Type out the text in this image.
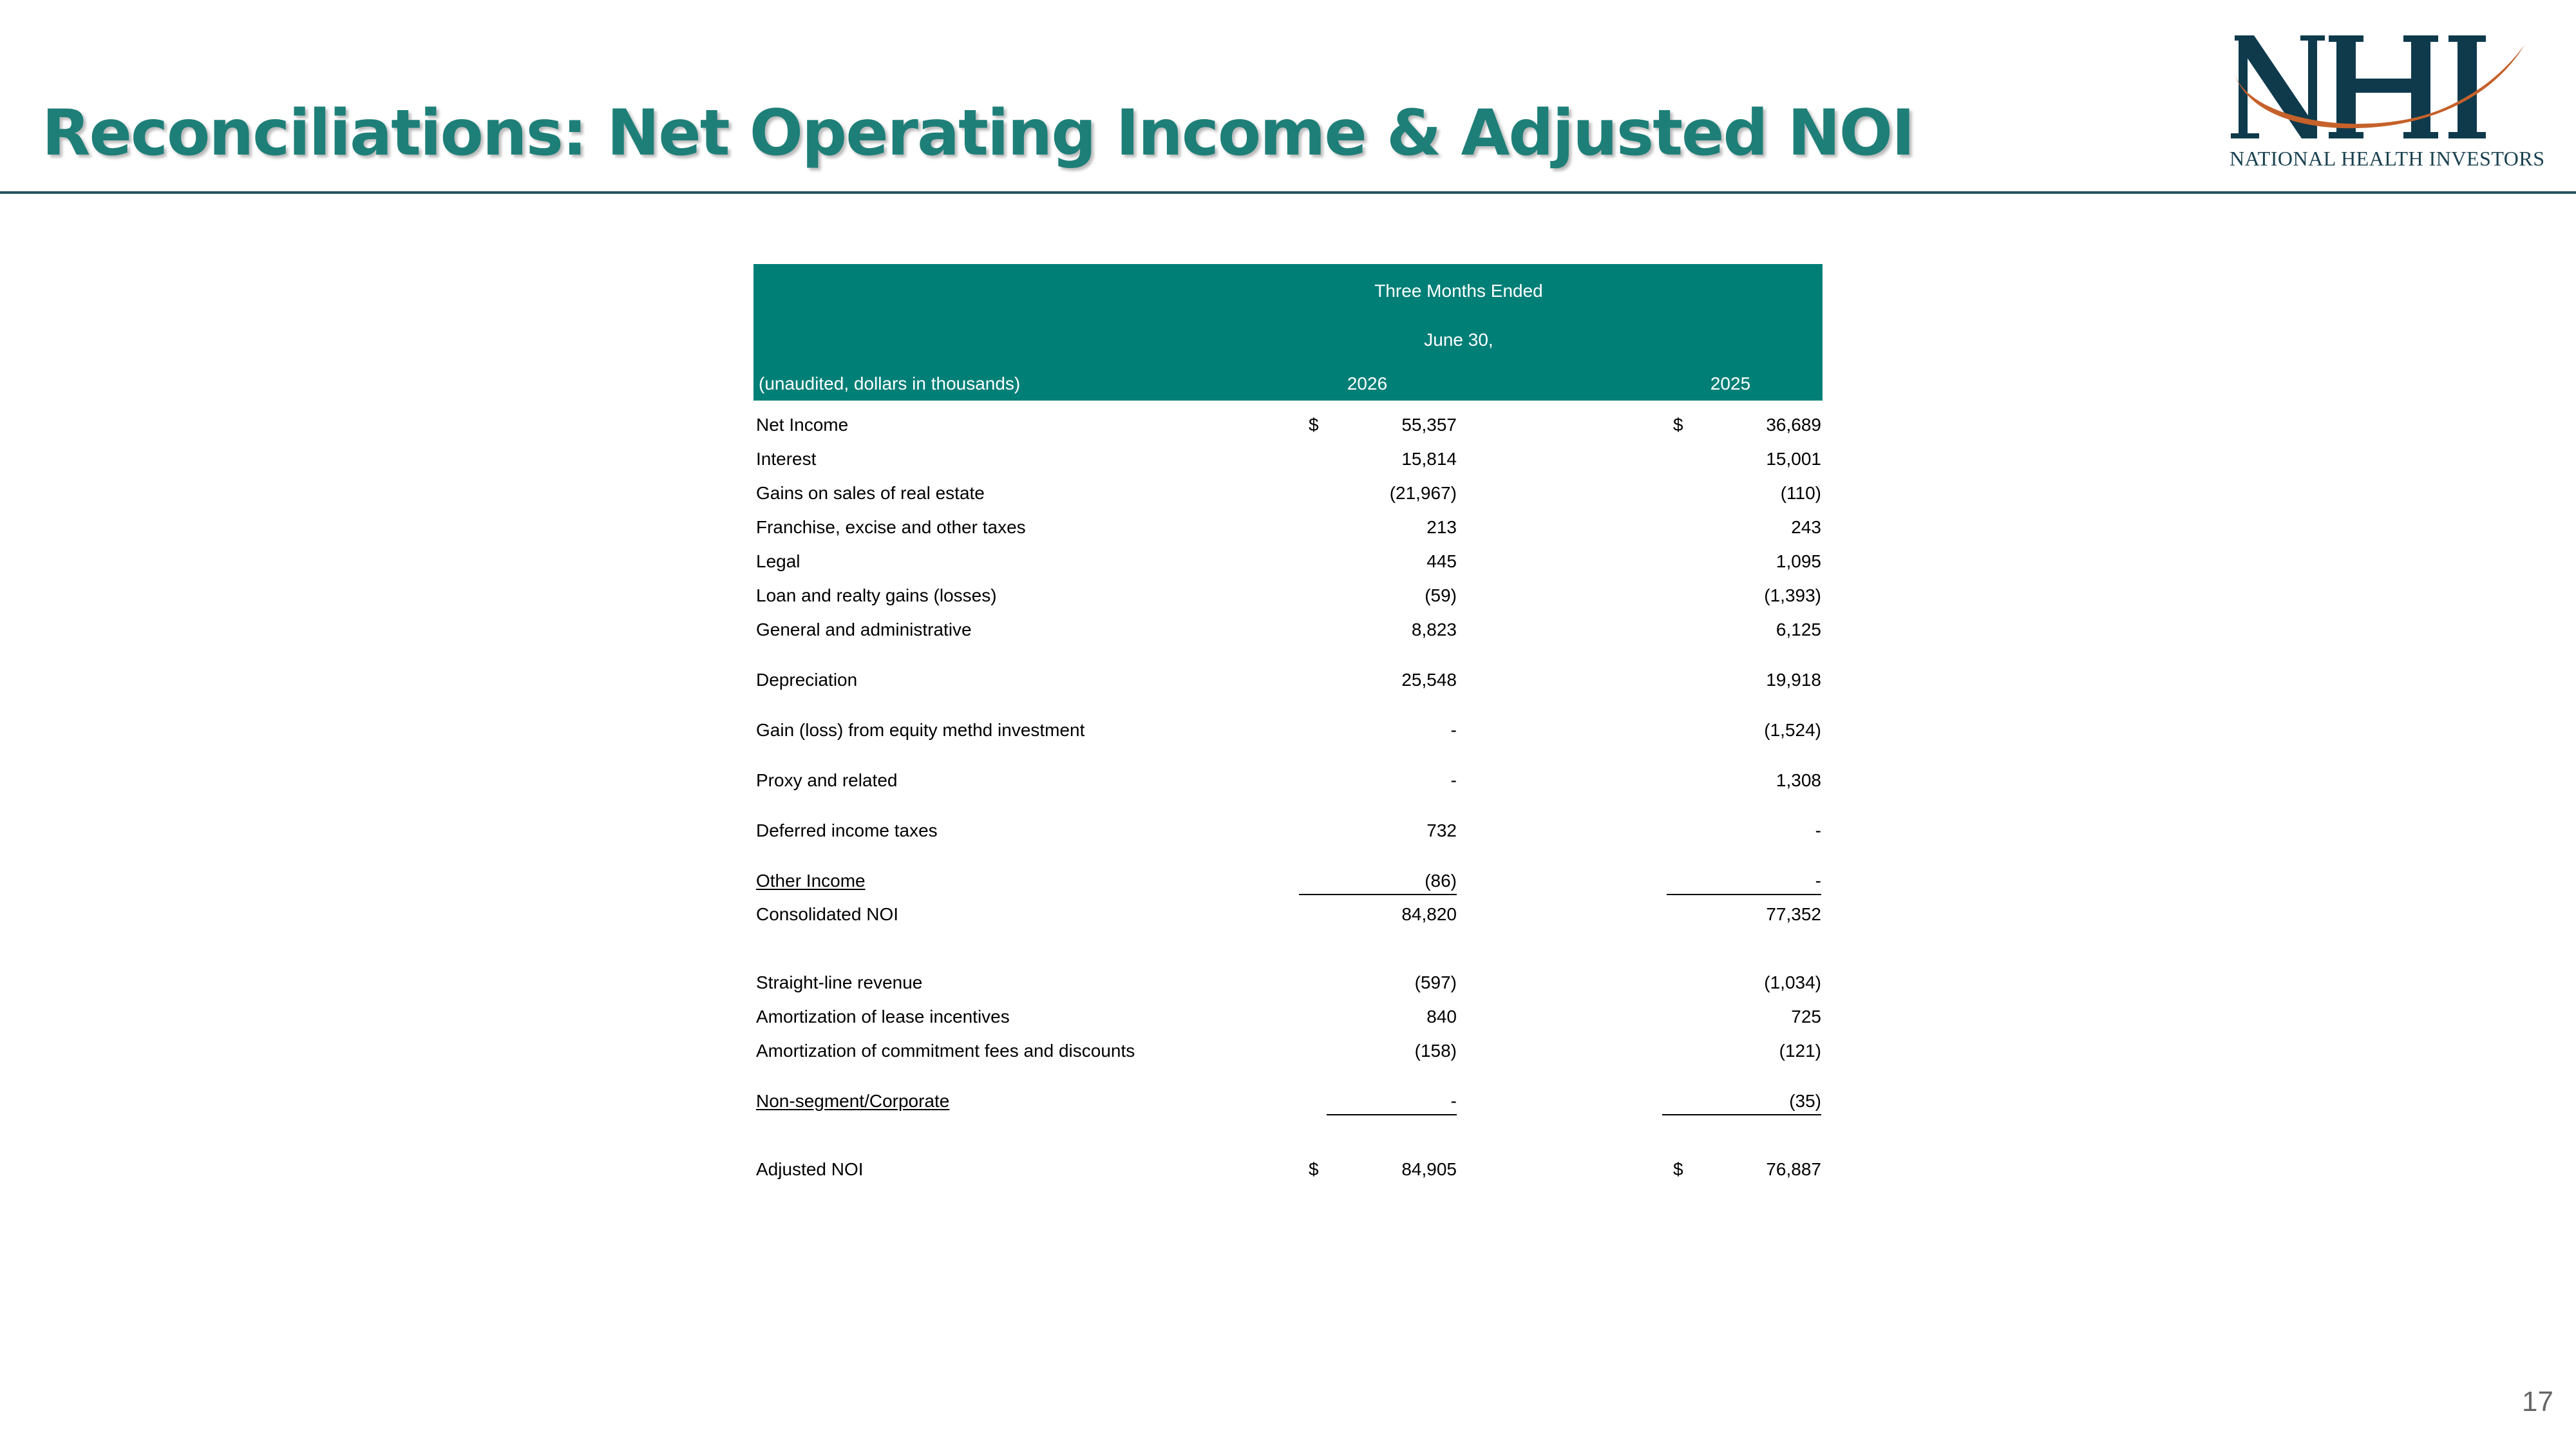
Reconciliations: Net Operating Income & Adjusted NOI	NATIONAL HEALTH INVESTORS
Three Months Ended
June 30,
(unaudited, dollars in thousands)	2026	2025
Net Income	$	55,357	$	36,689
Interest	15,814	15,001
Gains on sales of real estate	(21,967)	(110)
Franchise, excise and other taxes	213	243
Legal	445	1,095
Loan and realty gains (losses)	(59)	(1,393)
General and administrative	8,823	6,125
Depreciation	25,548	19,918
Gain (loss) from equity methd investment	-	(1,524)
Proxy and related	-	1,308
Deferred income taxes	732	-
Other Income	(86)	-
Consolidated NOI	84,820	77,352
Straight-line revenue	(597)	(1,034)
Amortization of lease incentives	840	725
Amortization of commitment fees and discounts	(158)	(121)
Non-segment/Corporate	-	(35)
Adjusted NOI	$	84,905	$	76,887
17
